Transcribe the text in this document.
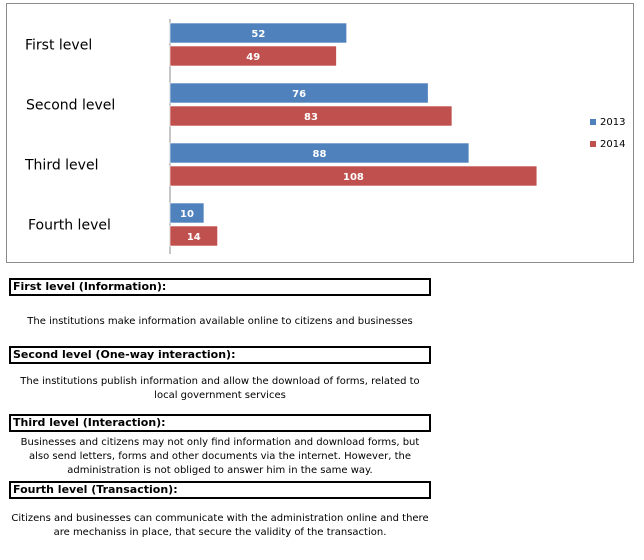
First level
Second level
Third level
Fourth level
52
49
76
83
88
108
10
14
2013
2014
First level (Information):
The institutions make information available online to citizens and businesses
Second level (One-way interaction):
The institutions publish information and allow the download of forms, related to local government services
Third level (Interaction):
Businesses and citizens may not only find information and download forms, but also send letters, forms and other documents via the internet. However, the administration is not obliged to answer him in the same way.
Fourth level (Transaction):
Citizens and businesses can communicate with the administration online and there are mechaniss in place, that secure the validity of the transaction.
